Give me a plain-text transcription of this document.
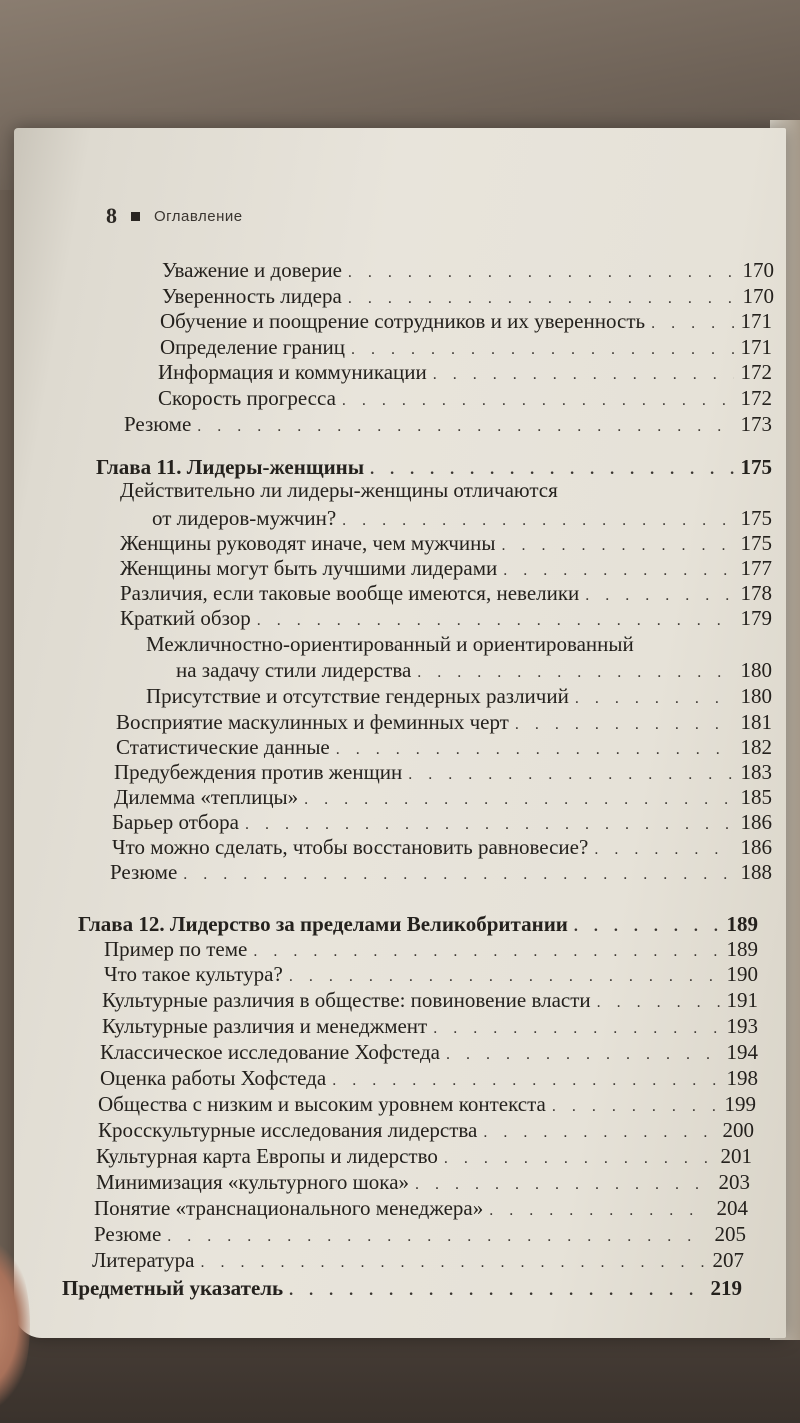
8 Оглавление
Уважение и доверие . . .	170
Уверенность лидера . . .	170
Обучение и поощрение сотрудников и их уверенность . . .	171
Определение границ . . .	171
Информация и коммуникации . . .	172
Скорость прогресса . . .	172
Резюме . . .	173
Глава 11. Лидеры-женщины . . .	175
Действительно ли лидеры-женщины отличаются
от лидеров-мужчин? . . .	175
Женщины руководят иначе, чем мужчины . . .	175
Женщины могут быть лучшими лидерами . . .	177
Различия, если таковые вообще имеются, невелики . . .	178
Краткий обзор . . .	179
Межличностно-ориентированный и ориентированный
на задачу стили лидерства . . .	180
Присутствие и отсутствие гендерных различий . . .	180
Восприятие маскулинных и феминных черт . . .	181
Статистические данные . . .	182
Предубеждения против женщин . . .	183
Дилемма «теплицы» . . .	185
Барьер отбора . . .	186
Что можно сделать, чтобы восстановить равновесие? . . .	186
Резюме . . .	188
Глава 12. Лидерство за пределами Великобритании . . .	189
Пример по теме . . .	189
Что такое культура? . . .	190
Культурные различия в обществе: повиновение власти . . .	191
Культурные различия и менеджмент . . .	193
Классическое исследование Хофстеда . . .	194
Оценка работы Хофстеда . . .	198
Общества с низким и высоким уровнем контекста . . .	199
Кросскультурные исследования лидерства . . .	200
Культурная карта Европы и лидерство . . .	201
Минимизация «культурного шока» . . .	203
Понятие «транснационального менеджера» . . .	204
Резюме . . .	205
Литература . . .	207
Предметный указатель . . .	219
